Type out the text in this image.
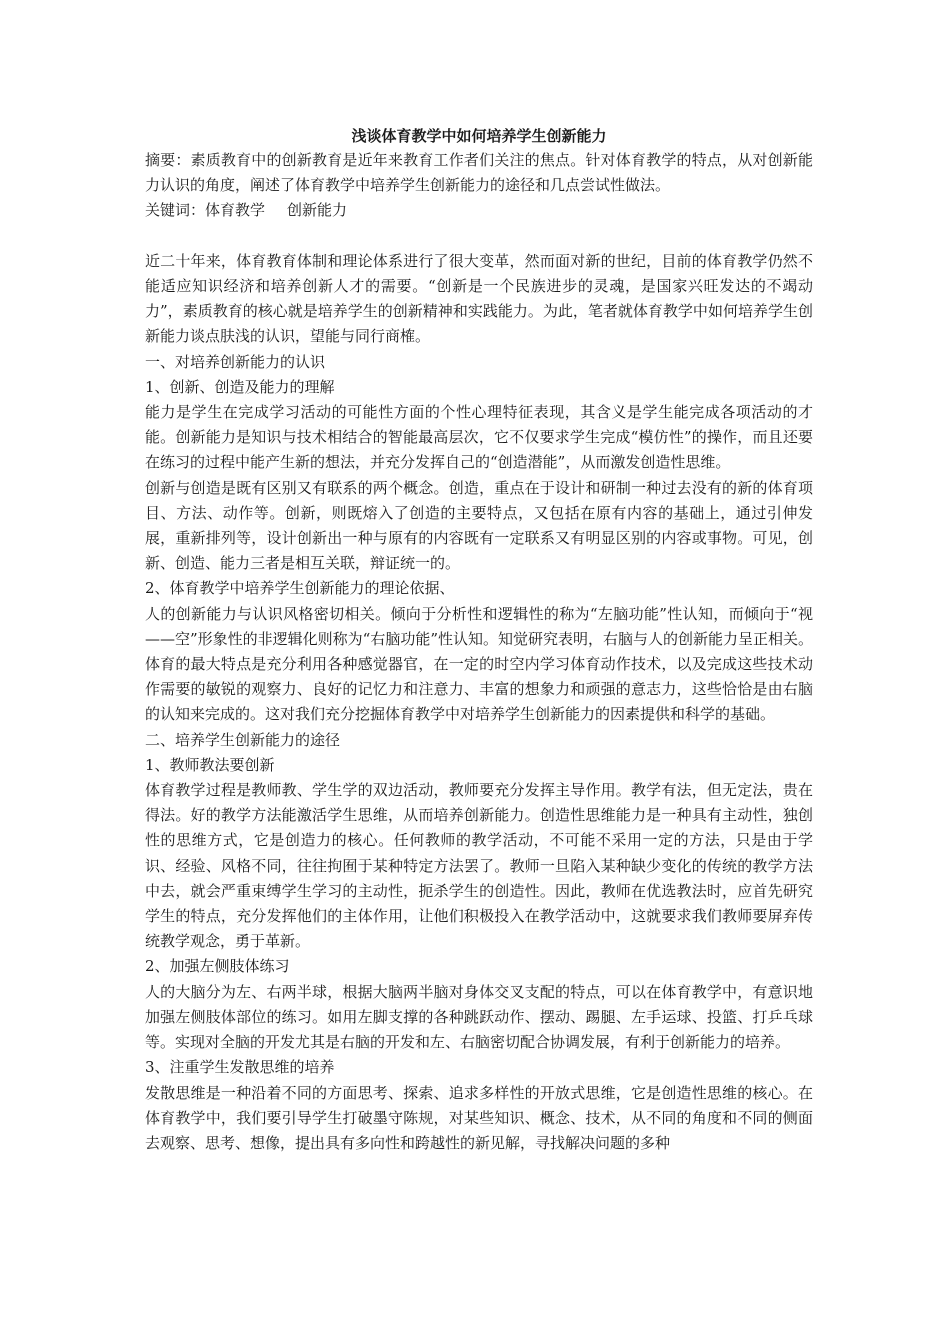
浅谈体育教学中如何培养学生创新能力

摘要：素质教育中的创新教育是近年来教育工作者们关注的焦点。针对体育教学的特点，从对创新能力认识的角度，阐述了体育教学中培养学生创新能力的途径和几点尝试性做法。

关键词：体育教学 创新能力

近二十年来，体育教育体制和理论体系进行了很大变革，然而面对新的世纪，目前的体育教学仍然不能适应知识经济和培养创新人才的需要。“创新是一个民族进步的灵魂，是国家兴旺发达的不竭动力”，素质教育的核心就是培养学生的创新精神和实践能力。为此，笔者就体育教学中如何培养学生创新能力谈点肤浅的认识，望能与同行商榷。

一、对培养创新能力的认识

1、创新、创造及能力的理解

能力是学生在完成学习活动的可能性方面的个性心理特征表现，其含义是学生能完成各项活动的才能。创新能力是知识与技术相结合的智能最高层次，它不仅要求学生完成“模仿性”的操作，而且还要在练习的过程中能产生新的想法，并充分发挥自己的“创造潜能”，从而激发创造性思维。

创新与创造是既有区别又有联系的两个概念。创造，重点在于设计和研制一种过去没有的新的体育项目、方法、动作等。创新，则既熔入了创造的主要特点，又包括在原有内容的基础上，通过引伸发展，重新排列等，设计创新出一种与原有的内容既有一定联系又有明显区别的内容或事物。可见，创新、创造、能力三者是相互关联，辩证统一的。

2、体育教学中培养学生创新能力的理论依据、

人的创新能力与认识风格密切相关。倾向于分析性和逻辑性的称为“左脑功能”性认知，而倾向于“视——空”形象性的非逻辑化则称为“右脑功能”性认知。知觉研究表明，右脑与人的创新能力呈正相关。体育的最大特点是充分利用各种感觉器官，在一定的时空内学习体育动作技术，以及完成这些技术动作需要的敏锐的观察力、良好的记忆力和注意力、丰富的想象力和顽强的意志力，这些恰恰是由右脑的认知来完成的。这对我们充分挖掘体育教学中对培养学生创新能力的因素提供和科学的基础。

二、培养学生创新能力的途径

1、教师教法要创新

体育教学过程是教师教、学生学的双边活动，教师要充分发挥主导作用。教学有法，但无定法，贵在得法。好的教学方法能激活学生思维，从而培养创新能力。创造性思维能力是一种具有主动性，独创性的思维方式，它是创造力的核心。任何教师的教学活动，不可能不采用一定的方法，只是由于学识、经验、风格不同，往往拘囿于某种特定方法罢了。教师一旦陷入某种缺少变化的传统的教学方法中去，就会严重束缚学生学习的主动性，扼杀学生的创造性。因此，教师在优选教法时，应首先研究学生的特点，充分发挥他们的主体作用，让他们积极投入在教学活动中，这就要求我们教师要屏弃传统教学观念，勇于革新。

2、加强左侧肢体练习

人的大脑分为左、右两半球，根据大脑两半脑对身体交叉支配的特点，可以在体育教学中，有意识地加强左侧肢体部位的练习。如用左脚支撑的各种跳跃动作、摆动、踢腿、左手运球、投篮、打乒乓球等。实现对全脑的开发尤其是右脑的开发和左、右脑密切配合协调发展，有利于创新能力的培养。

3、注重学生发散思维的培养

发散思维是一种沿着不同的方面思考、探索、追求多样性的开放式思维，它是创造性思维的核心。在体育教学中，我们要引导学生打破墨守陈规，对某些知识、概念、技术，从不同的角度和不同的侧面去观察、思考、想像，提出具有多向性和跨越性的新见解，寻找解决问题的多种
